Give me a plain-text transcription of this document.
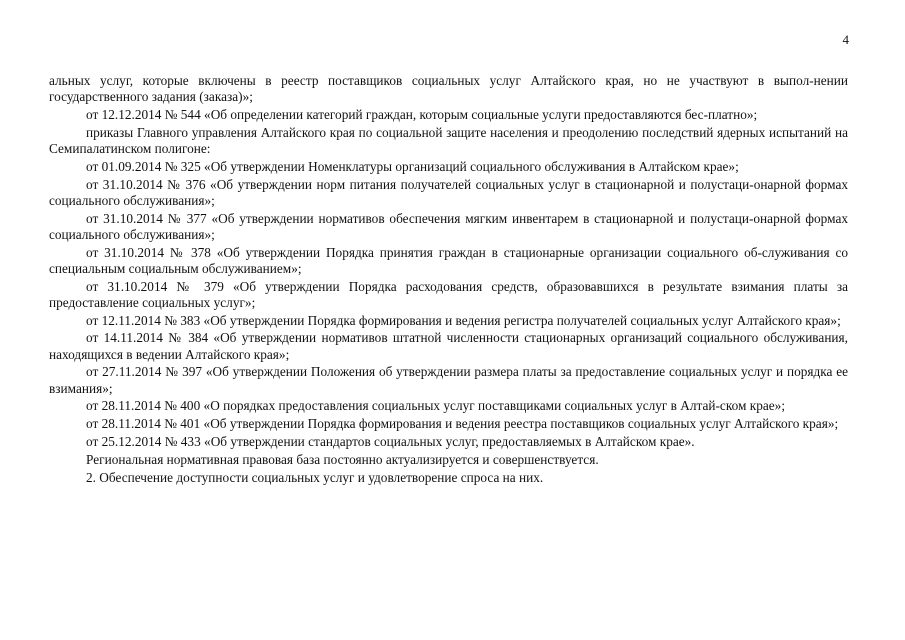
4

альных услуг, которые включены в реестр поставщиков социальных услуг Алтайского края, но не участвуют в выпол-нении государственного задания (заказа)»;

от 12.12.2014 № 544 «Об определении категорий граждан, которым социальные услуги предоставляются бес-платно»;

приказы Главного управления Алтайского края по социальной защите населения и преодолению последствий ядерных испытаний на Семипалатинском полигоне:

от 01.09.2014 № 325 «Об утверждении Номенклатуры организаций социального обслуживания в Алтайском крае»;

от 31.10.2014 № 376 «Об утверждении норм питания получателей социальных услуг в стационарной и полустаци-онарной формах социального обслуживания»;

от 31.10.2014 № 377 «Об утверждении нормативов обеспечения мягким инвентарем в стационарной и полустаци-онарной формах социального обслуживания»;

от 31.10.2014 № 378 «Об утверждении Порядка принятия граждан в стационарные организации социального об-служивания со специальным социальным обслуживанием»;

от 31.10.2014 № 379 «Об утверждении Порядка расходования средств, образовавшихся в результате взимания платы за предоставление социальных услуг»;

от 12.11.2014 № 383 «Об утверждении Порядка формирования и ведения регистра получателей социальных услуг Алтайского края»;

от 14.11.2014 № 384 «Об утверждении нормативов штатной численности стационарных организаций социального обслуживания, находящихся в ведении Алтайского края»;

от 27.11.2014 № 397 «Об утверждении Положения об утверждении размера платы за предоставление социальных услуг и порядка ее взимания»;

от 28.11.2014 № 400 «О порядках предоставления социальных услуг поставщиками социальных услуг в Алтай-ском крае»;

от 28.11.2014 № 401 «Об утверждении Порядка формирования и ведения реестра поставщиков социальных услуг Алтайского края»;

от 25.12.2014 № 433 «Об утверждении стандартов социальных услуг, предоставляемых в Алтайском крае».

Региональная нормативная правовая база постоянно актуализируется и совершенствуется.

2. Обеспечение доступности социальных услуг и удовлетворение спроса на них.
